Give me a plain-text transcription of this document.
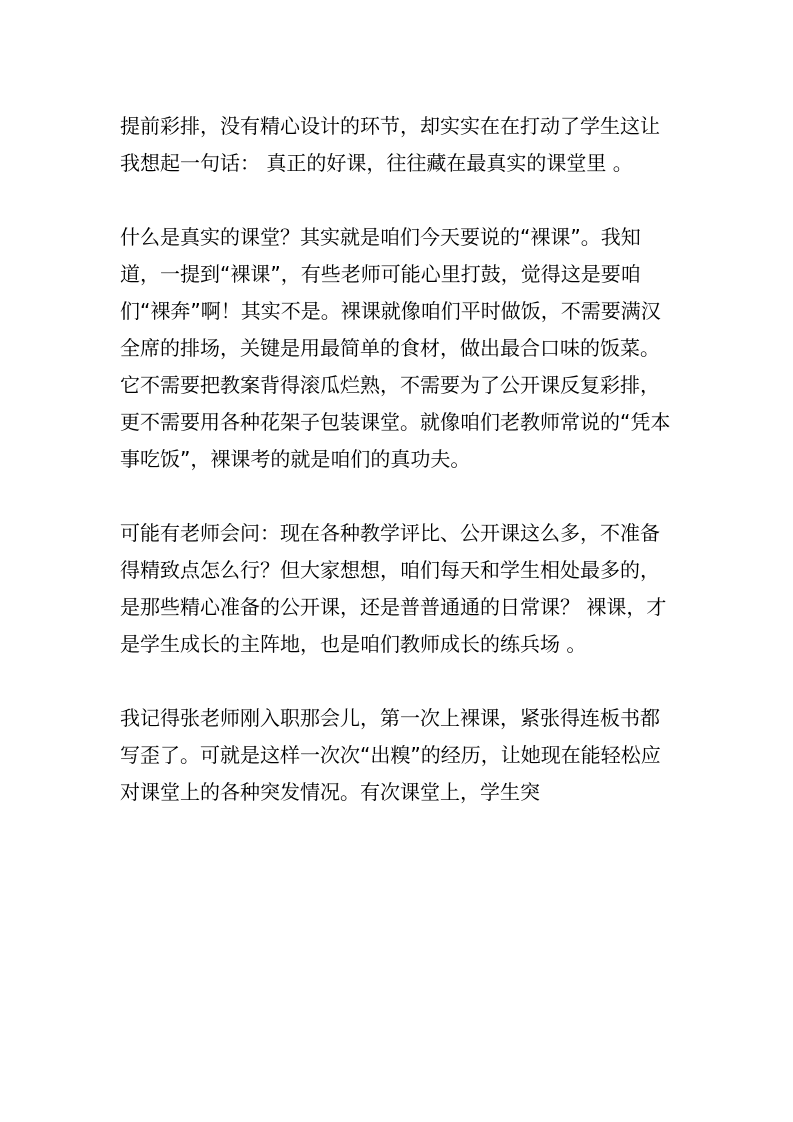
提前彩排，没有精心设计的环节，却实实在在打动了学生这让我想起一句话： 真正的好课，往往藏在最真实的课堂里 。

什么是真实的课堂？其实就是咱们今天要说的“裸课”。我知道，一提到“裸课”，有些老师可能心里打鼓，觉得这是要咱们“裸奔”啊！其实不是。裸课就像咱们平时做饭，不需要满汉全席的排场，关键是用最简单的食材，做出最合口味的饭菜。它不需要把教案背得滚瓜烂熟，不需要为了公开课反复彩排，更不需要用各种花架子包装课堂。就像咱们老教师常说的“凭本事吃饭”，裸课考的就是咱们的真功夫。

可能有老师会问：现在各种教学评比、公开课这么多，不准备得精致点怎么行？但大家想想，咱们每天和学生相处最多的，是那些精心准备的公开课，还是普普通通的日常课？ 裸课，才是学生成长的主阵地，也是咱们教师成长的练兵场 。

我记得张老师刚入职那会儿，第一次上裸课，紧张得连板书都写歪了。可就是这样一次次“出糗”的经历，让她现在能轻松应对课堂上的各种突发情况。有次课堂上，学生突
